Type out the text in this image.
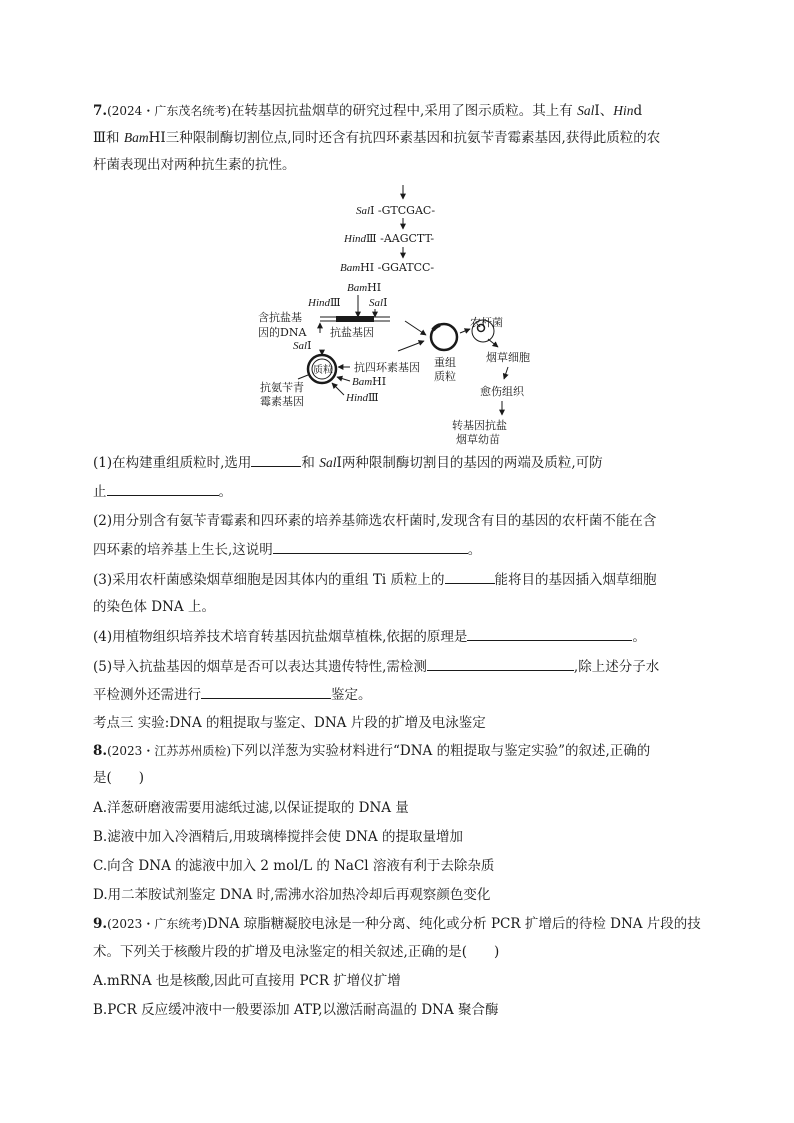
7.(2024・广东茂名统考)在转基因抗盐烟草的研究过程中,采用了图示质粒。其上有 SalⅠ、Hind
Ⅲ和 BamHⅠ三种限制酶切割位点,同时还含有抗四环素基因和抗氨苄青霉素基因,获得此质粒的农
杆菌表现出对两种抗生素的抗性。
SalⅠ -GTCGAC-
HindⅢ -AAGCTT-
BamHⅠ -GGATCC-
BamHⅠ
HindⅢ	SalⅠ
含抗盐基
因的DNA 抗盐基因
质粒
SalⅠ
抗四环素基因
BamHⅠ
HindⅢ
抗氨苄青
霉素基因
重组
质粒
农杆菌
烟草细胞
愈伤组织
转基因抗盐
烟草幼苗
(1)在构建重组质粒时,选用	和 SalⅠ两种限制酶切割目的基因的两端及质粒,可防
止	。
(2)用分别含有氨苄青霉素和四环素的培养基筛选农杆菌时,发现含有目的基因的农杆菌不能在含
四环素的培养基上生长,这说明	。
(3)采用农杆菌感染烟草细胞是因其体内的重组 Ti 质粒上的	能将目的基因插入烟草细胞
的染色体 DNA 上。
(4)用植物组织培养技术培育转基因抗盐烟草植株,依据的原理是	。
(5)导入抗盐基因的烟草是否可以表达其遗传特性,需检测	,除上述分子水
平检测外还需进行	鉴定。
考点三 实验:DNA 的粗提取与鉴定、DNA 片段的扩增及电泳鉴定
8.(2023・江苏苏州质检)下列以洋葱为实验材料进行“DNA 的粗提取与鉴定实验”的叙述,正确的
是(　　)
A.洋葱研磨液需要用滤纸过滤,以保证提取的 DNA 量
B.滤液中加入冷酒精后,用玻璃棒搅拌会使 DNA 的提取量增加
C.向含 DNA 的滤液中加入 2 mol/L 的 NaCl 溶液有利于去除杂质
D.用二苯胺试剂鉴定 DNA 时,需沸水浴加热冷却后再观察颜色变化
9.(2023・广东统考)DNA 琼脂糖凝胶电泳是一种分离、纯化或分析 PCR 扩增后的待检 DNA 片段的技
术。下列关于核酸片段的扩增及电泳鉴定的相关叙述,正确的是(　　)
A.mRNA 也是核酸,因此可直接用 PCR 扩增仪扩增
B.PCR 反应缓冲液中一般要添加 ATP,以激活耐高温的 DNA 聚合酶
